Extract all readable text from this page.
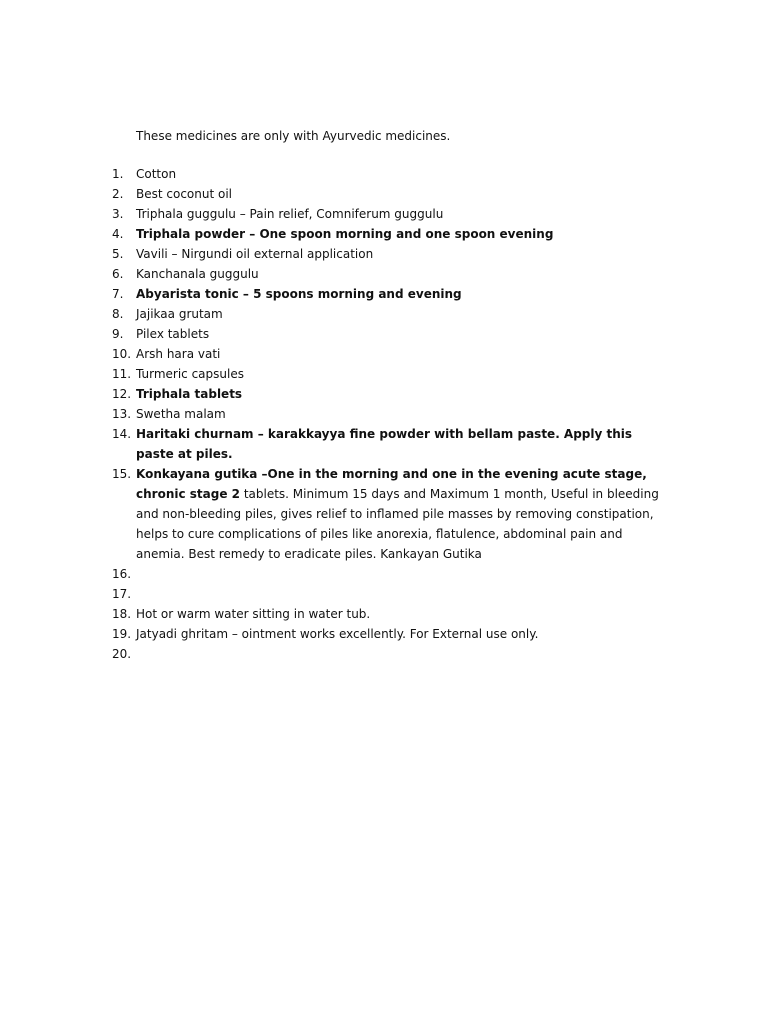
These medicines are only with Ayurvedic medicines.
1.	Cotton
2.	Best coconut oil
3.	Triphala guggulu – Pain relief, Comniferum guggulu
4.	Triphala powder – One spoon morning and one spoon evening
5.	Vavili – Nirgundi oil external application
6.	Kanchanala guggulu
7.	Abyarista tonic – 5 spoons morning and evening
8.	Jajikaa grutam
9.	Pilex tablets
10. Arsh hara vati
11. Turmeric capsules
12. Triphala tablets
13. Swetha malam
14. Haritaki churnam – karakkayya fine powder with bellam paste. Apply this paste at piles.
15. Konkayana gutika –One in the morning and one in the evening acute stage, chronic stage 2 tablets. Minimum 15 days and Maximum 1 month, Useful in bleeding and non-bleeding piles, gives relief to inflamed pile masses by removing constipation, helps to cure complications of piles like anorexia, flatulence, abdominal pain and anemia. Best remedy to eradicate piles. Kankayan Gutika
16.
17.
18. Hot or warm water sitting in water tub.
19. Jatyadi ghritam – ointment works excellently. For External use only.
20.
